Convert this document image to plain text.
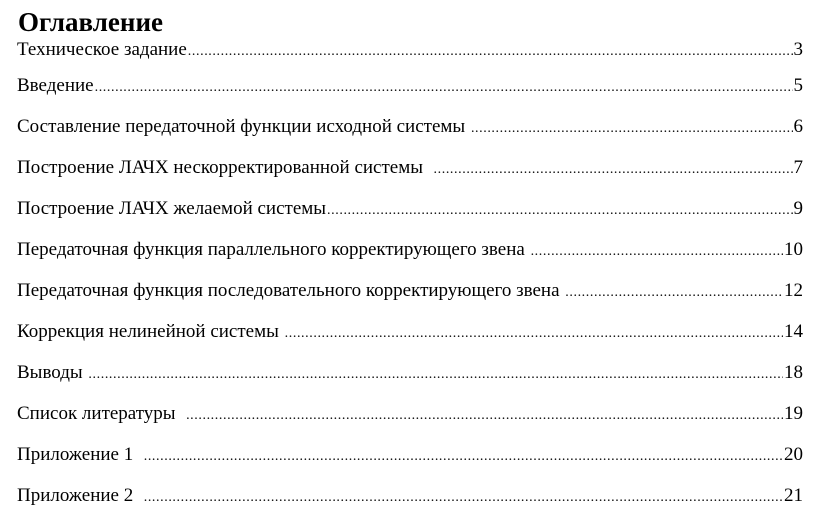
Оглавление
Техническое задание .....	3
Введение .....	5
Составление передаточной функции исходной системы .....	6
Построение ЛАЧХ нескорректированной системы .....	7
Построение ЛАЧХ желаемой системы .....	9
Передаточная функция параллельного корректирующего звена .....	10
Передаточная функция последовательного корректирующего звена .....	12
Коррекция нелинейной системы .....	14
Выводы .....	18
Список литературы .....	19
Приложение 1 .....	20
Приложение 2 .....	21
